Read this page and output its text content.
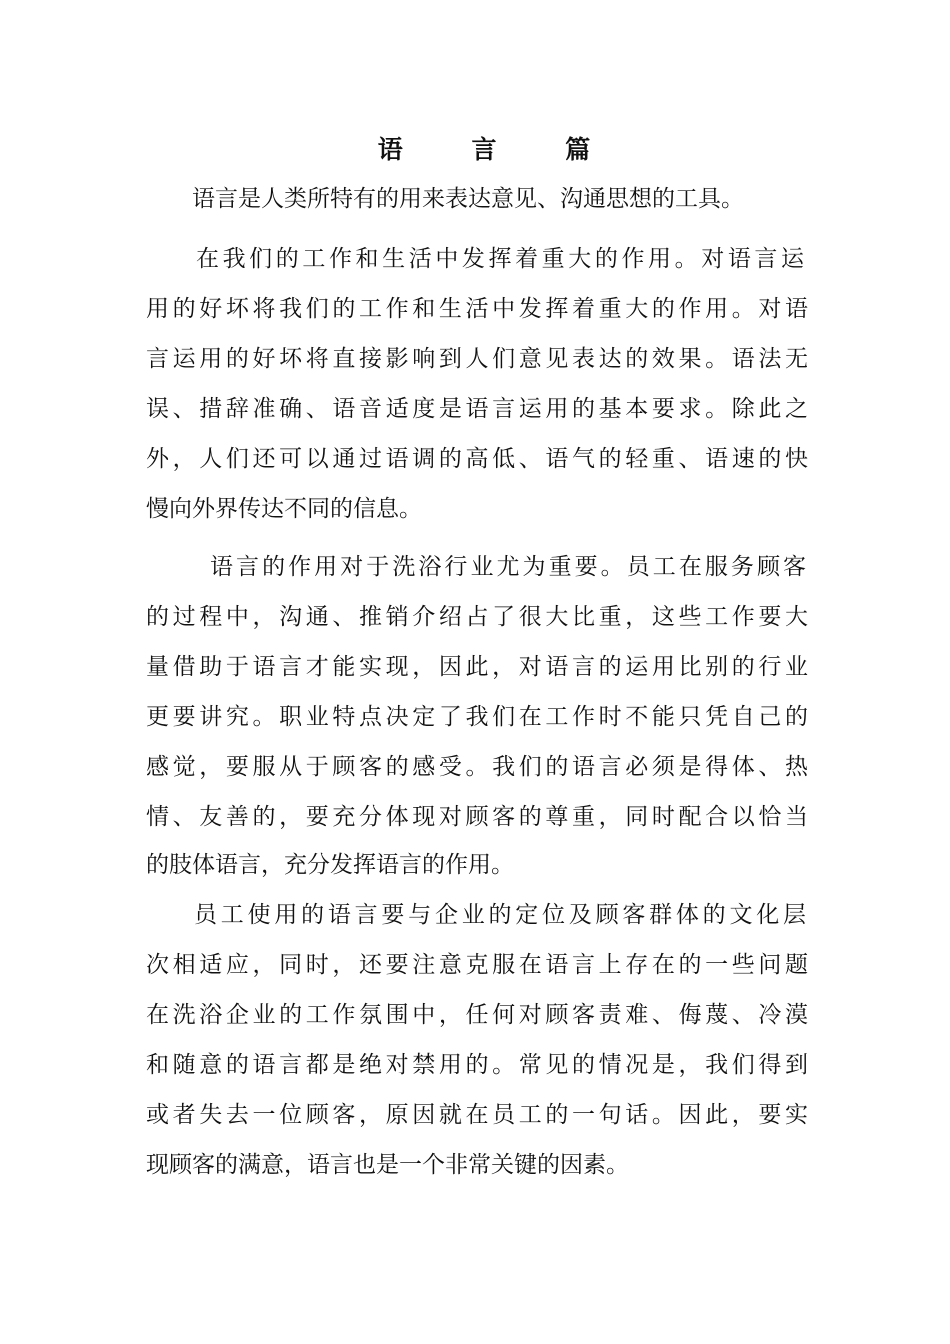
语 言 篇
语言是人类所特有的用来表达意见、沟通思想的工具。
在我们的工作和生活中发挥着重大的作用。对语言运
用的好坏将我们的工作和生活中发挥着重大的作用。对语
言运用的好坏将直接影响到人们意见表达的效果。语法无
误、措辞准确、语音适度是语言运用的基本要求。除此之
外，人们还可以通过语调的高低、语气的轻重、语速的快
慢向外界传达不同的信息。
语言的作用对于洗浴行业尤为重要。员工在服务顾客
的过程中，沟通、推销介绍占了很大比重，这些工作要大
量借助于语言才能实现，因此，对语言的运用比别的行业
更要讲究。职业特点决定了我们在工作时不能只凭自己的
感觉，要服从于顾客的感受。我们的语言必须是得体、热
情、友善的，要充分体现对顾客的尊重，同时配合以恰当
的肢体语言，充分发挥语言的作用。
员工使用的语言要与企业的定位及顾客群体的文化层
次相适应，同时，还要注意克服在语言上存在的一些问题
在洗浴企业的工作氛围中，任何对顾客责难、侮蔑、冷漠
和随意的语言都是绝对禁用的。常见的情况是，我们得到
或者失去一位顾客，原因就在员工的一句话。因此，要实
现顾客的满意，语言也是一个非常关键的因素。
